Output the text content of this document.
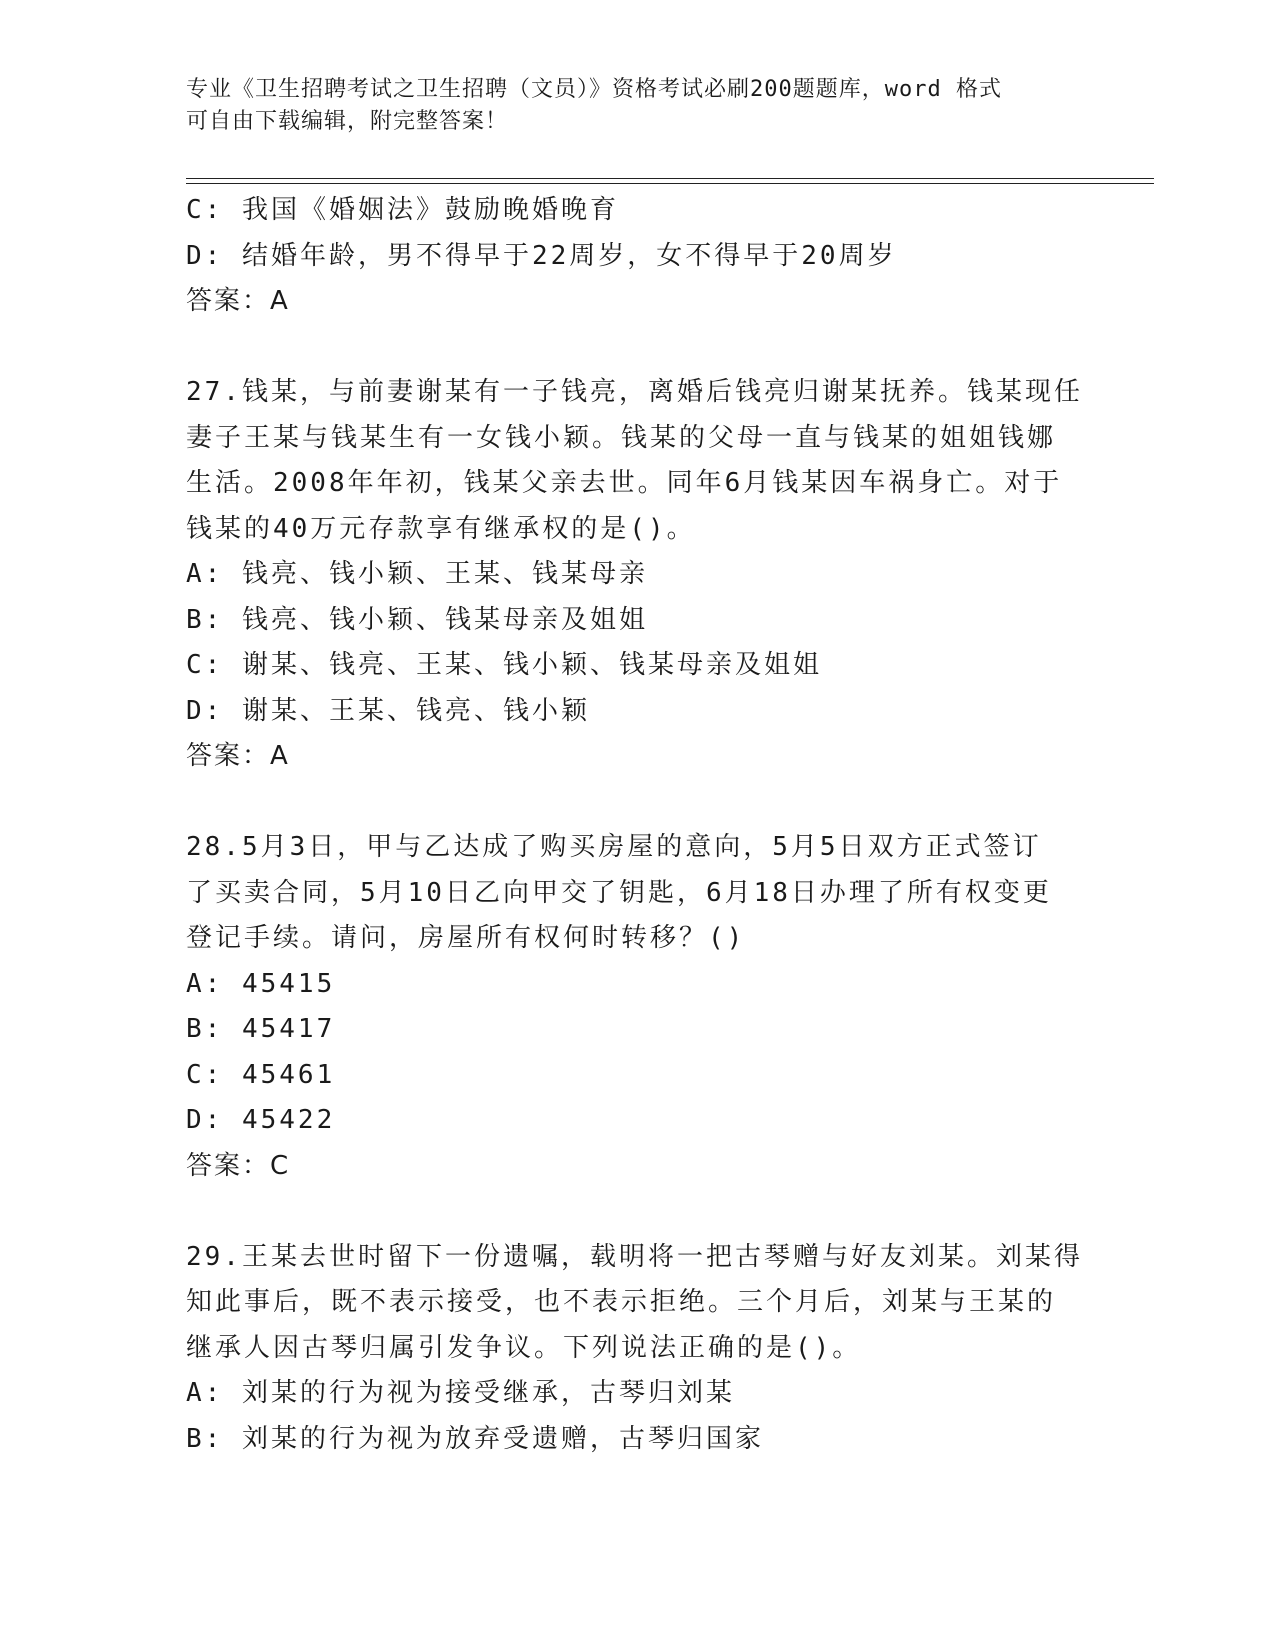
专业《卫生招聘考试之卫生招聘（文员）》资格考试必刷200题题库，word 格式
可自由下载编辑，附完整答案！
C: 我国《婚姻法》鼓励晚婚晚育
D: 结婚年龄，男不得早于22周岁，女不得早于20周岁
答案：A
27.钱某，与前妻谢某有一子钱亮，离婚后钱亮归谢某抚养。钱某现任
妻子王某与钱某生有一女钱小颖。钱某的父母一直与钱某的姐姐钱娜
生活。2008年年初，钱某父亲去世。同年6月钱某因车祸身亡。对于
钱某的40万元存款享有继承权的是()。
A: 钱亮、钱小颖、王某、钱某母亲
B: 钱亮、钱小颖、钱某母亲及姐姐
C: 谢某、钱亮、王某、钱小颖、钱某母亲及姐姐
D: 谢某、王某、钱亮、钱小颖
答案：A
28.5月3日，甲与乙达成了购买房屋的意向，5月5日双方正式签订
了买卖合同，5月10日乙向甲交了钥匙，6月18日办理了所有权变更
登记手续。请问，房屋所有权何时转移？()
A: 45415
B: 45417
C: 45461
D: 45422
答案：C
29.王某去世时留下一份遗嘱，载明将一把古琴赠与好友刘某。刘某得
知此事后，既不表示接受，也不表示拒绝。三个月后，刘某与王某的
继承人因古琴归属引发争议。下列说法正确的是()。
A: 刘某的行为视为接受继承，古琴归刘某
B: 刘某的行为视为放弃受遗赠，古琴归国家
